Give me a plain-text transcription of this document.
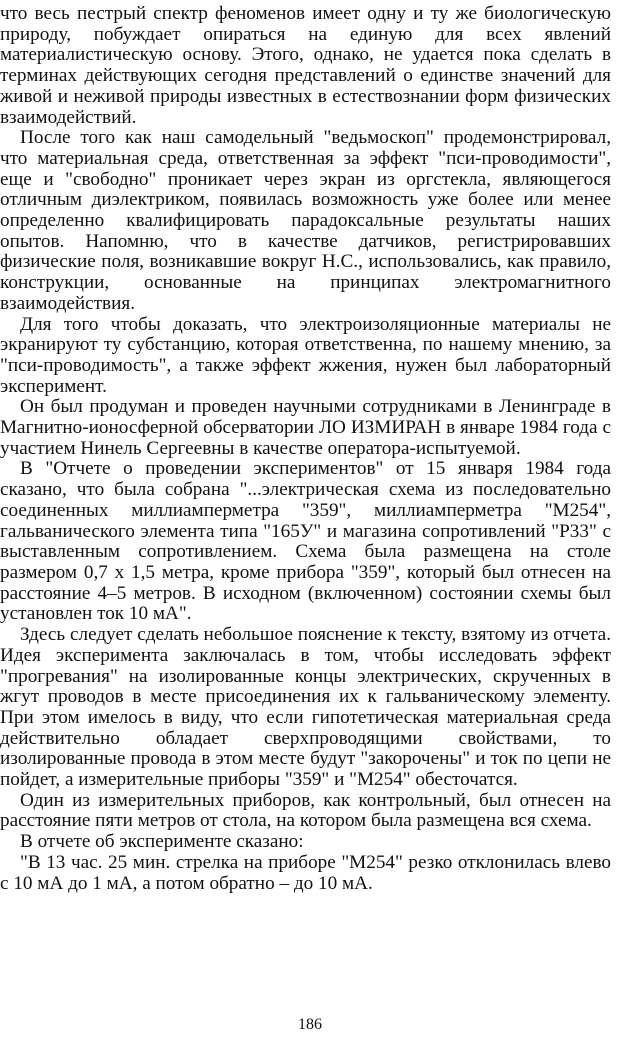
что весь пестрый спектр феноменов имеет одну и ту же биологическую природу, побуждает опираться на единую для всех явлений материалистическую основу. Этого, однако, не удается пока сделать в терминах действующих сегодня представлений о единстве значений для живой и неживой природы известных в естествознании форм физических взаимодействий.

После того как наш самодельный "ведьмоскоп" продемонстрировал, что материальная среда, ответственная за эффект "пси-проводимости", еще и "свободно" проникает через экран из оргстекла, являющегося отличным диэлектриком, появилась возможность уже более или менее определенно квалифицировать парадоксальные результаты наших опытов. Напомню, что в качестве датчиков, регистрировавших физические поля, возникавшие вокруг Н.С., использовались, как правило, конструкции, основанные на принципах электромагнитного взаимодействия.

Для того чтобы доказать, что электроизоляционные материалы не экранируют ту субстанцию, которая ответственна, по нашему мнению, за "пси-проводимость", а также эффект жжения, нужен был лабораторный эксперимент.

Он был продуман и проведен научными сотрудниками в Ленинграде в Магнитно-ионосферной обсерватории ЛО ИЗМИРАН в январе 1984 года с участием Нинель Сергеевны в качестве оператора-испытуемой.

В "Отчете о проведении экспериментов" от 15 января 1984 года сказано, что была собрана "...электрическая схема из последовательно соединенных миллиамперметра "359", миллиамперметра "М254", гальванического элемента типа "165У" и магазина сопротивлений "Р33" с выставленным сопротивлением. Схема была размещена на столе размером 0,7 х 1,5 метра, кроме прибора "359", который был отнесен на расстояние 4–5 метров. В исходном (включенном) состоянии схемы был установлен ток 10 мА".

Здесь следует сделать небольшое пояснение к тексту, взятому из отчета. Идея эксперимента заключалась в том, чтобы исследовать эффект "прогревания" на изолированные концы электрических, скрученных в жгут проводов в месте присоединения их к гальваническому элементу. При этом имелось в виду, что если гипотетическая материальная среда действительно обладает сверхпроводящими свойствами, то изолированные провода в этом месте будут "закорочены" и ток по цепи не пойдет, а измерительные приборы "359" и "М254" обесточатся.

Один из измерительных приборов, как контрольный, был отнесен на расстояние пяти метров от стола, на котором была размещена вся схема.

В отчете об эксперименте сказано:

"В 13 час. 25 мин. стрелка на приборе "М254" резко отклонилась влево с 10 мА до 1 мА, а потом обратно – до 10 мА.

186
